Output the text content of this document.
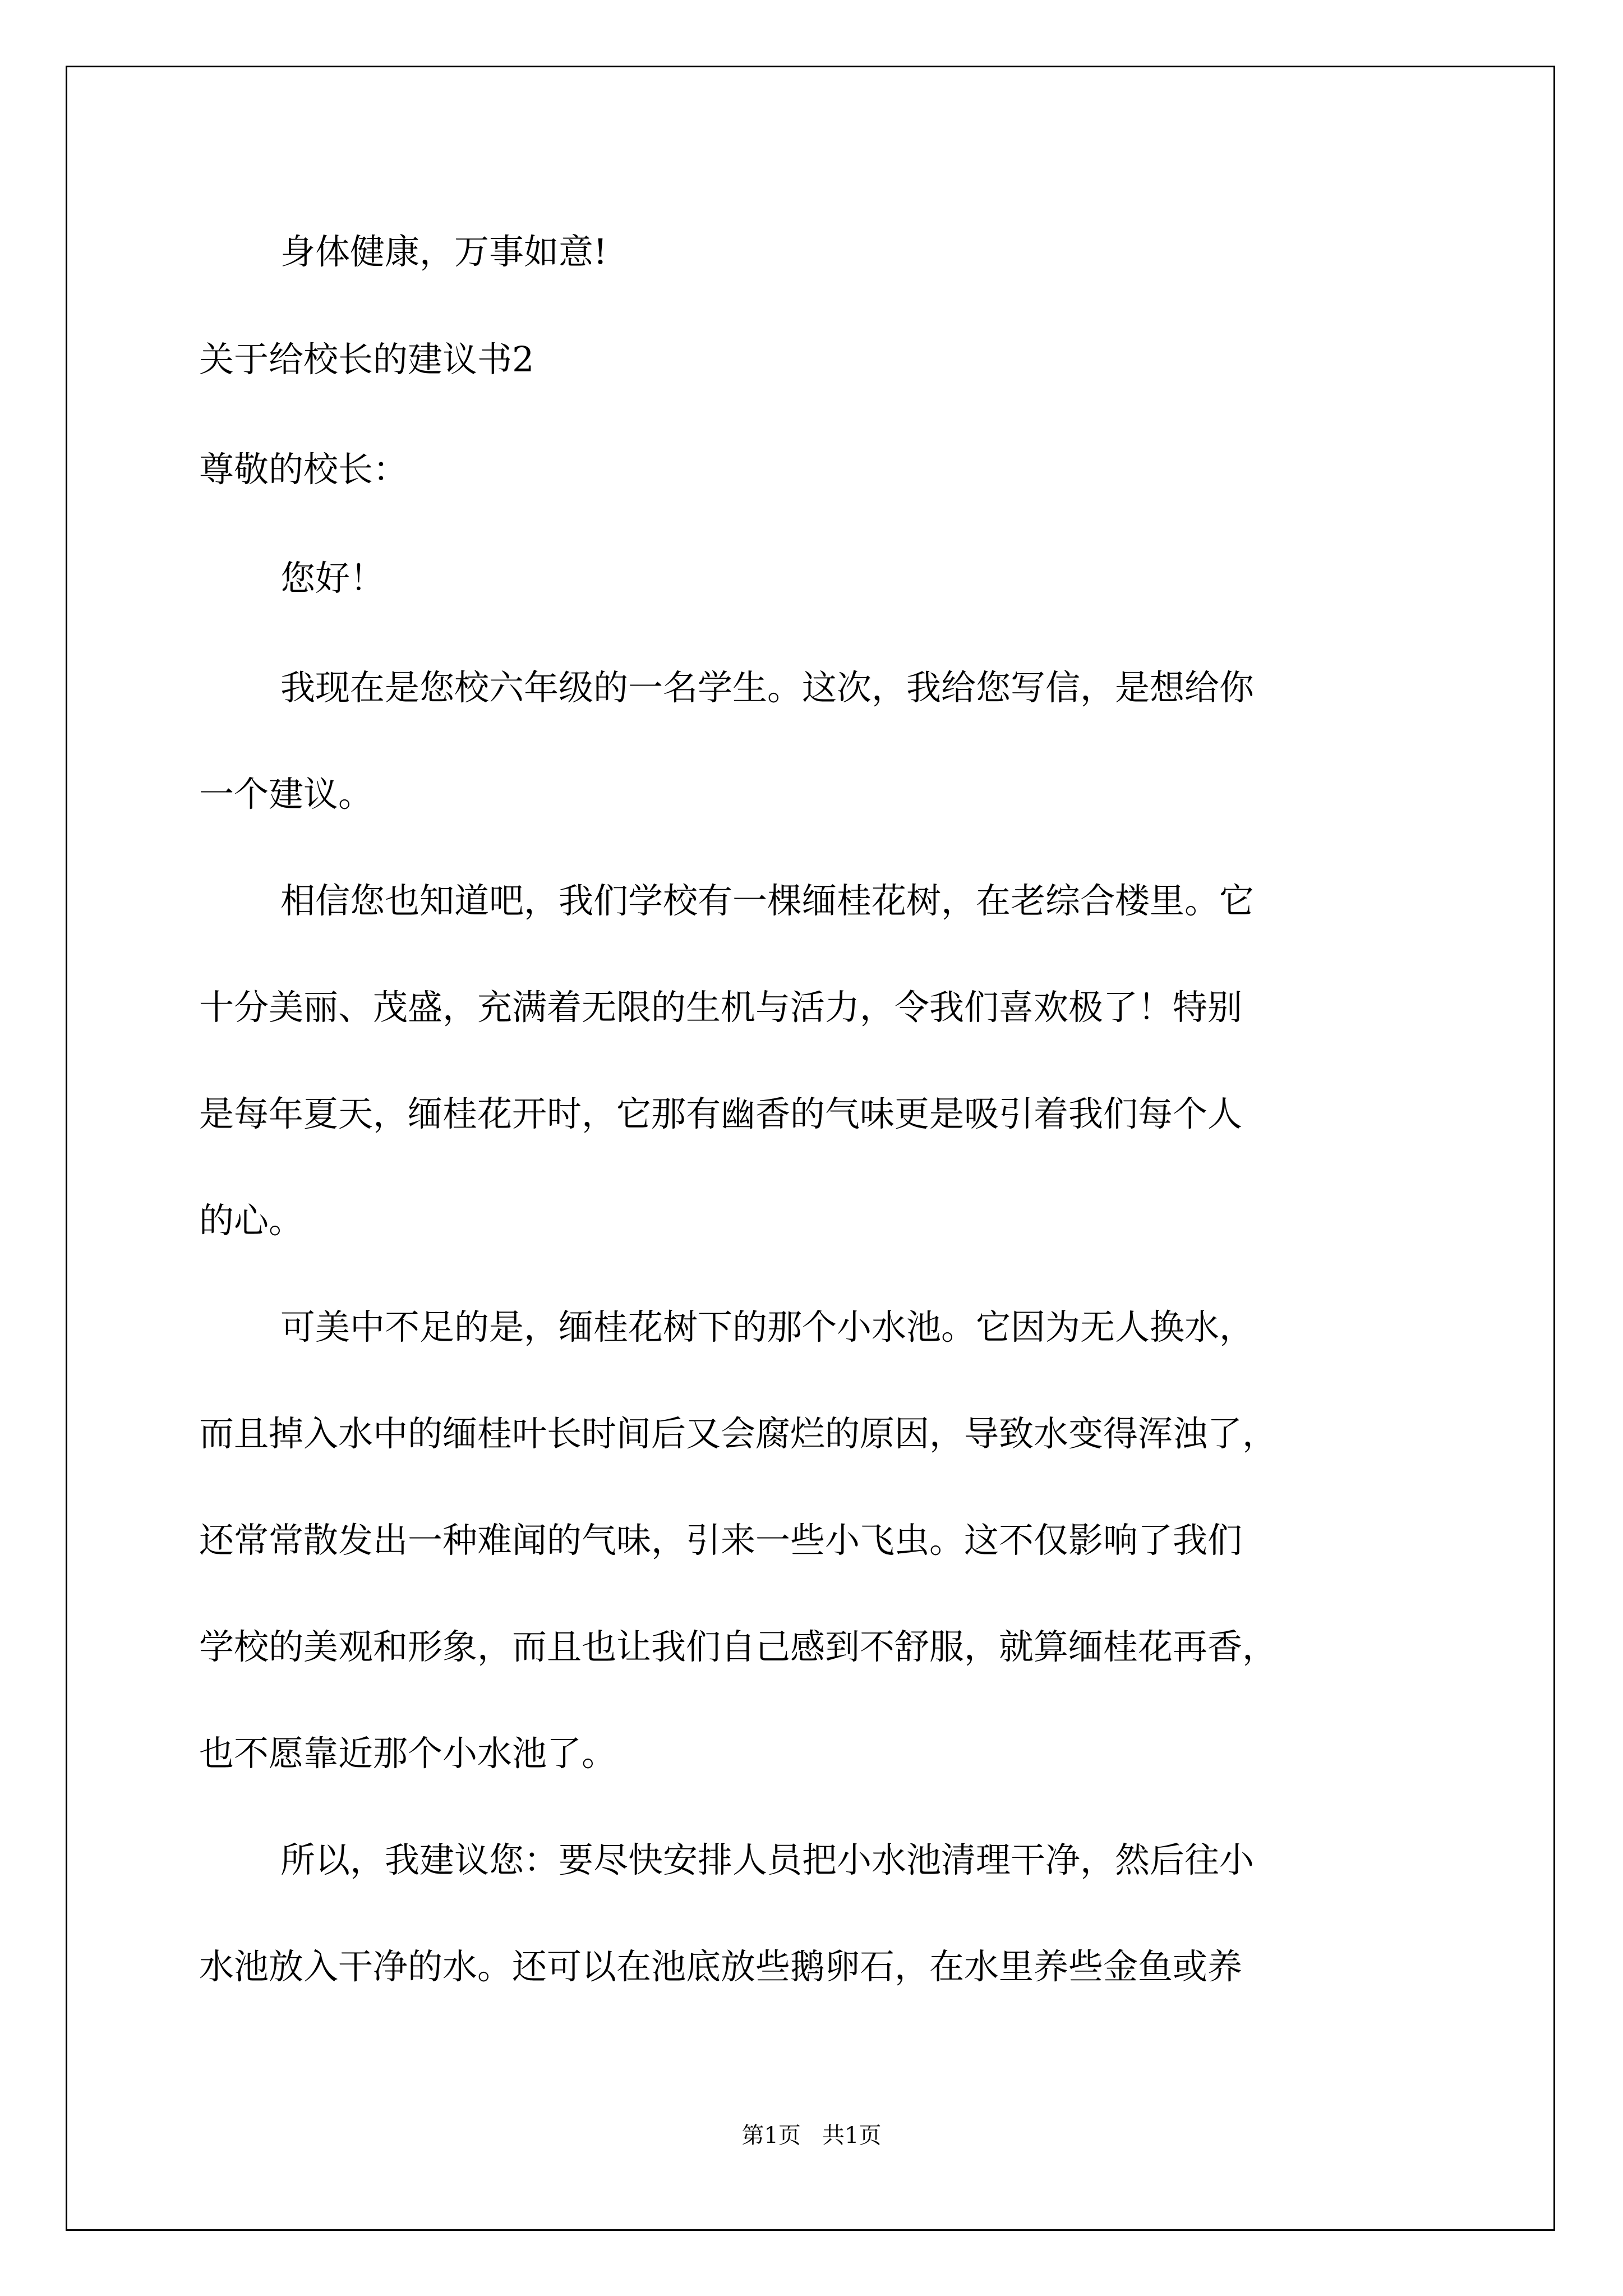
身体健康，万事如意!
关于给校长的建议书2
尊敬的校长：
您好！
我现在是您校六年级的一名学生。这次，我给您写信，是想给你
一个建议。
相信您也知道吧，我们学校有一棵缅桂花树，在老综合楼里。它
十分美丽、茂盛，充满着无限的生机与活力，令我们喜欢极了！特别
是每年夏天，缅桂花开时，它那有幽香的气味更是吸引着我们每个人
的心。
可美中不足的是，缅桂花树下的那个小水池。它因为无人换水，
而且掉入水中的缅桂叶长时间后又会腐烂的原因，导致水变得浑浊了，
还常常散发出一种难闻的气味，引来一些小飞虫。这不仅影响了我们
学校的美观和形象，而且也让我们自己感到不舒服，就算缅桂花再香，
也不愿靠近那个小水池了。
所以，我建议您：要尽快安排人员把小水池清理干净，然后往小
水池放入干净的水。还可以在池底放些鹅卵石，在水里养些金鱼或养
第1页   共1页
